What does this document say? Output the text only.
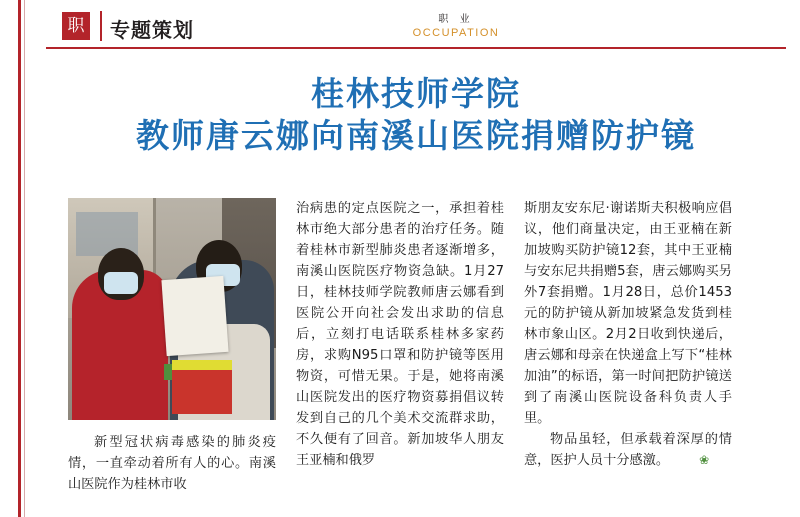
职 专题策划	职 业
OCCUPATION
桂林技师学院
教师唐云娜向南溪山医院捐赠防护镜

新型冠状病毒感染的肺炎疫情，一直牵动着所有人的心。南溪山医院作为桂林市收

治病患的定点医院之一，承担着桂林市绝大部分患者的治疗任务。随着桂林市新型肺炎患者逐渐增多，南溪山医院医疗物资急缺。1月27日，桂林技师学院教师唐云娜看到医院公开向社会发出求助的信息后，立刻打电话联系桂林多家药房，求购N95口罩和防护镜等医用物资，可惜无果。于是，她将南溪山医院发出的医疗物资募捐倡议转发到自己的几个美术交流群求助，不久便有了回音。新加坡华人朋友王亚楠和俄罗

斯朋友安东尼·谢诺斯夫积极响应倡议，他们商量决定，由王亚楠在新加坡购买防护镜12套，其中王亚楠与安东尼共捐赠5套，唐云娜购买另外7套捐赠。1月28日，总价1453元的防护镜从新加坡紧急发货到桂林市象山区。2月2日收到快递后，唐云娜和母亲在快递盒上写下“桂林加油”的标语，第一时间把防护镜送到了南溪山医院设备科负责人手里。

物品虽轻，但承载着深厚的情意，医护人员十分感激。	❀
